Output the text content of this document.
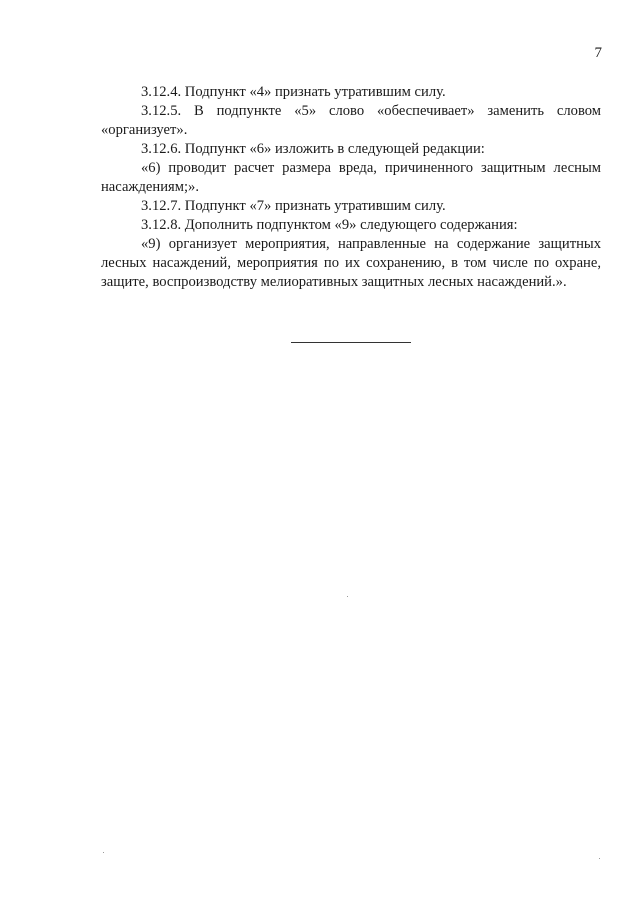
7

3.12.4. Подпункт «4» признать утратившим силу.

3.12.5. В подпункте «5» слово «обеспечивает» заменить словом «организует».

3.12.6. Подпункт «6» изложить в следующей редакции:

«6) проводит расчет размера вреда, причиненного защитным лесным насаждениям;».

3.12.7. Подпункт «7» признать утратившим силу.

3.12.8. Дополнить подпунктом «9» следующего содержания:

«9) организует мероприятия, направленные на содержание защитных лесных насаждений, мероприятия по их сохранению, в том числе по охране, защите, воспроизводству мелиоративных защитных лесных насаждений.».
